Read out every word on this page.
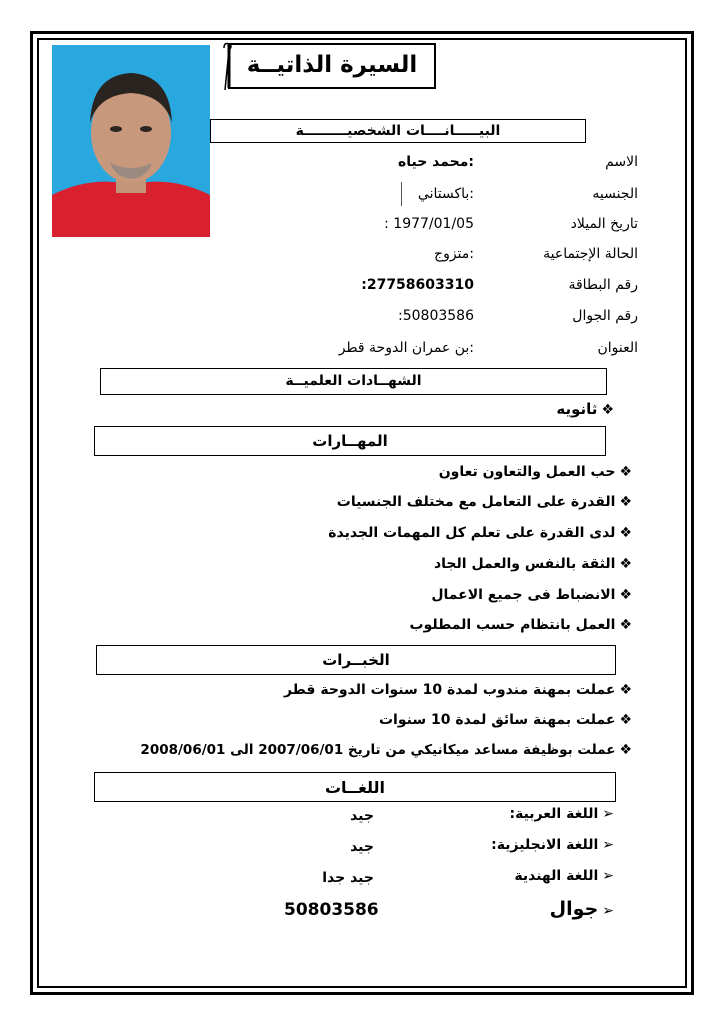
السيرة الذاتيــة
البيـــــانــــات الشخصيـــــــــة
الاسم
:محمد حياه
الجنسيه
:باكستاني
تاريخ الميلاد
: 1977/01/05
الحالة الإجتماعية
:متزوج
رقم البطاقة
:27758603310
رقم الجوال
:50803586
العنوان
:بن عمران الدوحة قطر
الشهــادات العلميــة
❖ثانويه
المهــارات
❖حب العمل والتعاون تعاون
❖القدرة على التعامل مع مختلف الجنسيات
❖لدى القدرة على تعلم كل المهمات الجديدة
❖الثقة بالنفس والعمل الجاد
❖الانضباط فى جميع الاعمال
❖العمل بانتظام حسب المطلوب
الخبــرات
❖عملت بمهنة مندوب لمدة 10 سنوات الدوحة قطر
❖عملت بمهنة سائق لمدة 10 سنوات
❖عملت بوظيفة مساعد ميكانيكي من تاريخ 2007/06/01 الى 2008/06/01
اللغــات
➢اللغة العربية:
جيد
➢اللغة الانجليزية:
جيد
➢اللغة الهندية
جيد جدا
➢جوال
50803586
